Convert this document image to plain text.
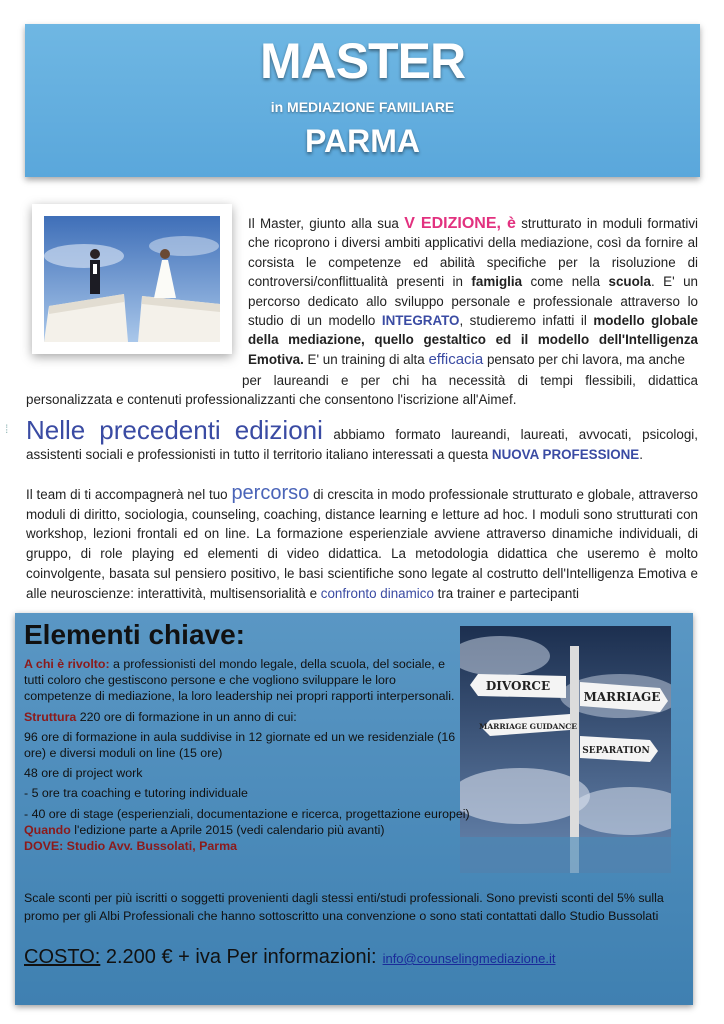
MASTER
in MEDIAZIONE FAMILIARE
PARMA
Il Master, giunto alla sua V EDIZIONE, è strutturato in moduli formativi che ricoprono i diversi ambiti applicativi della mediazione, così da fornire al corsista le competenze ed abilità specifiche per la risoluzione di controversi/conflittualità presenti in famiglia come nella scuola. E' un percorso dedicato allo sviluppo personale e professionale attraverso lo studio di un modello INTEGRATO, studieremo infatti il modello globale della mediazione, quello gestaltico ed il modello dell'Intelligenza Emotiva. E' un training di alta efficacia pensato per chi lavora, ma anche
per laureandi e per chi ha necessità di tempi flessibili, didattica personalizzata e contenuti professionalizzanti che consentono l'iscrizione all'Aimef.
⁞ Nelle precedenti edizioni abbiamo formato laureandi, laureati, avvocati, psicologi, assistenti sociali e professionisti in tutto il territorio italiano interessati a questa NUOVA PROFESSIONE.
Il team di ti accompagnerà nel tuo percorso di crescita in modo professionale strutturato e globale, attraverso moduli di diritto, sociologia, counseling, coaching, distance learning e letture ad hoc. I moduli sono strutturati con workshop, lezioni frontali ed on line. La formazione esperienziale avviene attraverso dinamiche individuali, di gruppo, di role playing ed elementi di video didattica. La metodologia didattica che useremo è molto coinvolgente, basata sul pensiero positivo, le basi scientifiche sono legate al costrutto dell'Intelligenza Emotiva e alle neuroscienze: interattività, multisensorialità e confronto dinamico tra trainer e partecipanti
Elementi chiave:
DIVORCE
MARRIAGE
MARRIAGE GUIDANCE
SEPARATION
A chi è rivolto: a professionisti del mondo legale, della scuola, del sociale, e tutti coloro che gestiscono persone e che vogliono sviluppare le loro competenze di mediazione, la loro leadership nei propri rapporti interpersonali.
Struttura 220 ore di formazione in un anno di cui:
96 ore di formazione in aula suddivise in 12 giornate ed un we residenziale (16 ore) e diversi moduli on line (15 ore)
48 ore di project work
- 5 ore tra coaching e tutoring individuale
- 40 ore di stage (esperienziali, documentazione e ricerca, progettazione europei)
Quando l'edizione parte a Aprile 2015 (vedi calendario più avanti)
DOVE: Studio Avv. Bussolati, Parma
Scale sconti per più iscritti o soggetti provenienti dagli stessi enti/studi professionali. Sono previsti sconti del 5% sulla promo per gli Albi Professionali che hanno sottoscritto una convenzione o sono stati contattati dallo Studio Bussolati
COSTO: 2.200 € + iva Per informazioni: info@counselingmediazione.it
